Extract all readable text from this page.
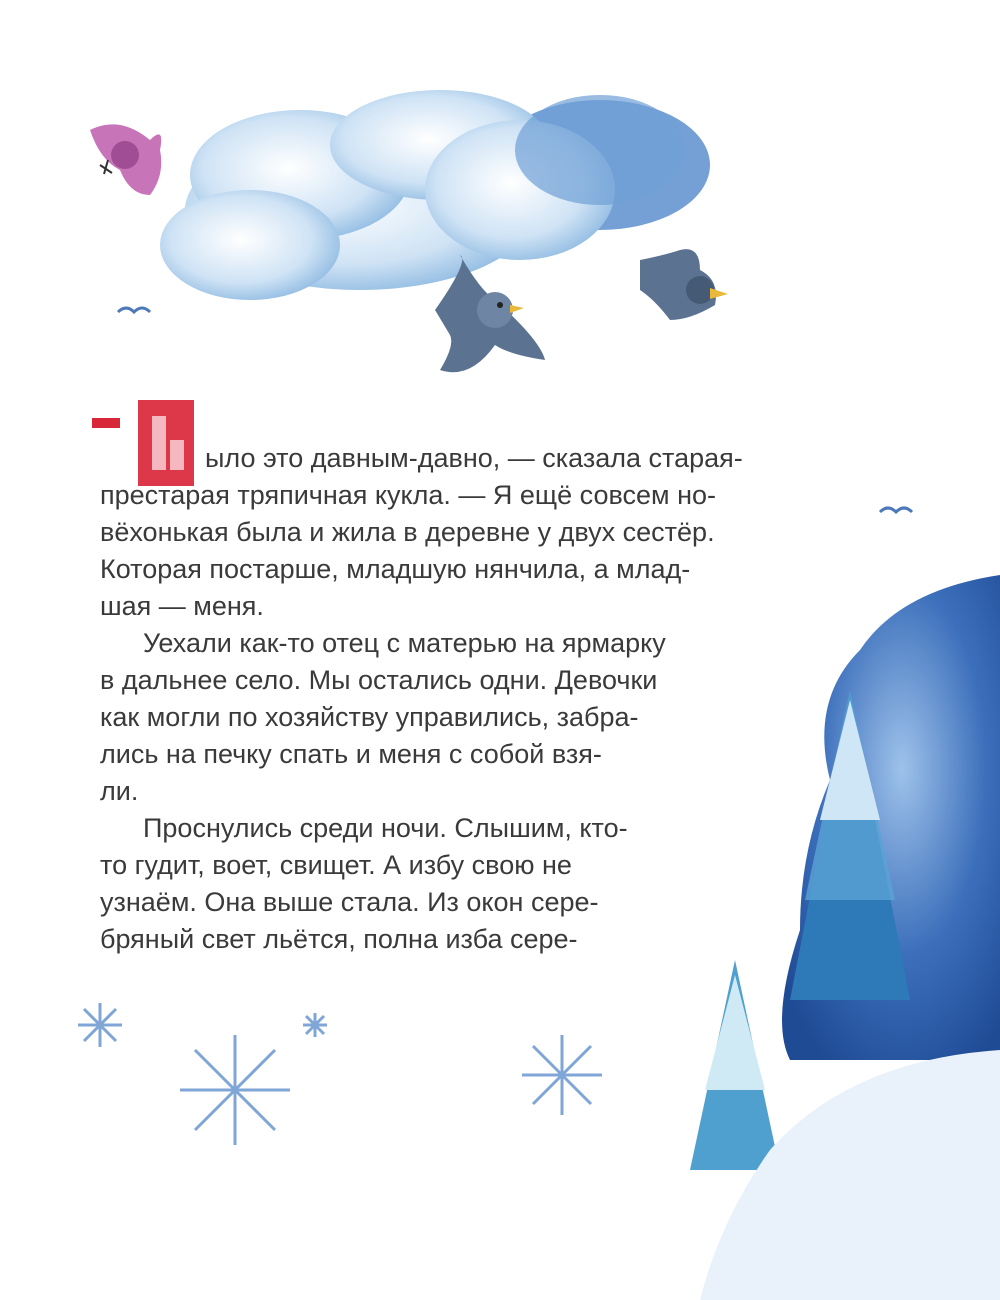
ыло это давным-давно, — сказала старая-
престарая тряпичная кукла. — Я ещё совсем но-
вёхонькая была и жила в деревне у двух сестёр.
Которая постарше, младшую нянчила, а млад-
шая — меня.
Уехали как-то отец с матерью на ярмарку
в дальнее село. Мы остались одни. Девочки
как могли по хозяйству управились, забра-
лись на печку спать и меня с собой взя-
ли.
Проснулись среди ночи. Слышим, кто-
то гудит, воет, свищет. А избу свою не
узнаём. Она выше стала. Из окон сере-
бряный свет льётся, полна изба сере-
